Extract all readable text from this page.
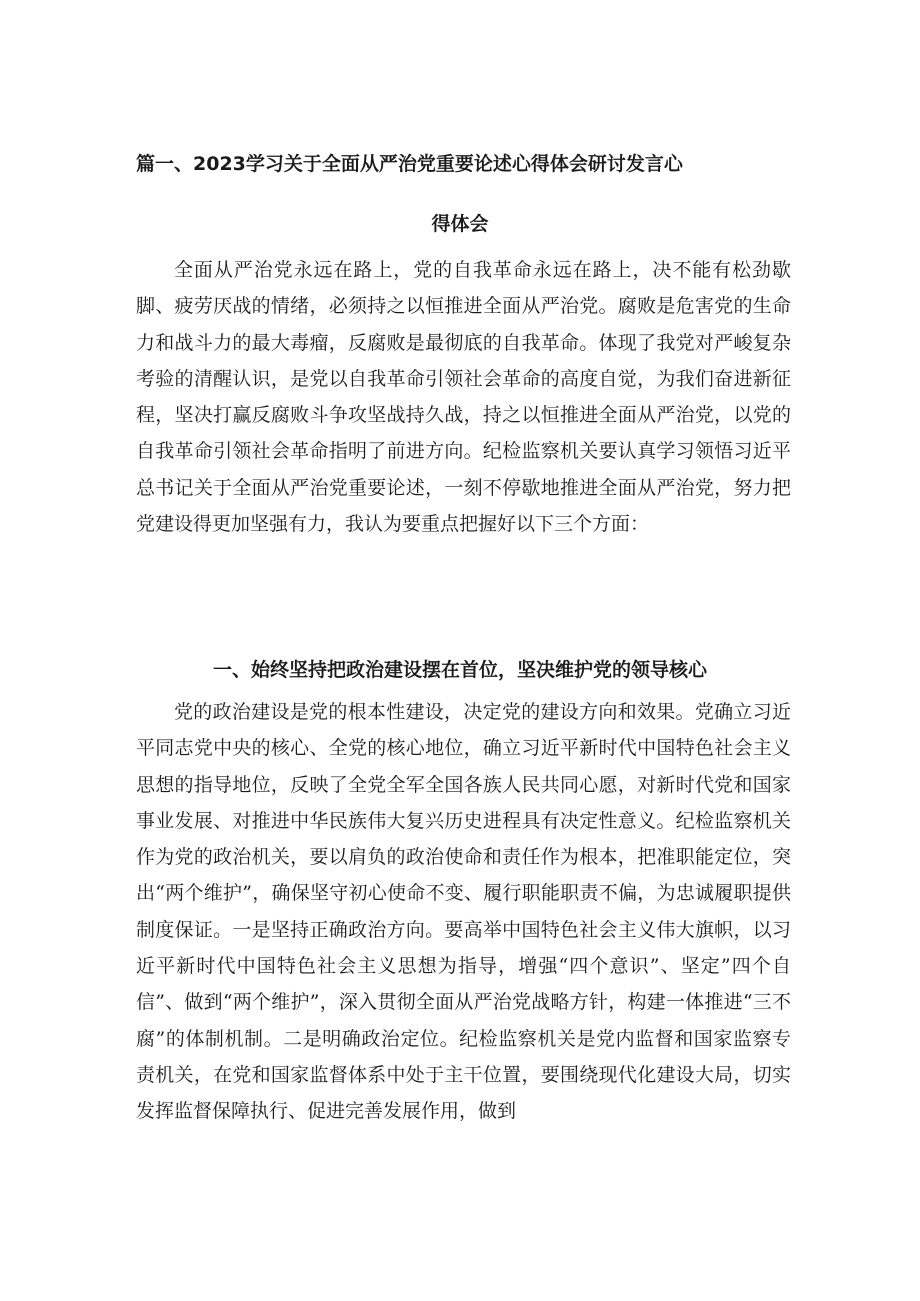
篇一、2023学习关于全面从严治党重要论述心得体会研讨发言心
得体会

全面从严治党永远在路上，党的自我革命永远在路上，决不能有松劲歇脚、疲劳厌战的情绪，必须持之以恒推进全面从严治党。腐败是危害党的生命力和战斗力的最大毒瘤，反腐败是最彻底的自我革命。体现了我党对严峻复杂考验的清醒认识，是党以自我革命引领社会革命的高度自觉，为我们奋进新征程，坚决打赢反腐败斗争攻坚战持久战，持之以恒推进全面从严治党，以党的自我革命引领社会革命指明了前进方向。纪检监察机关要认真学习领悟习近平总书记关于全面从严治党重要论述，一刻不停歇地推进全面从严治党，努力把党建设得更加坚强有力，我认为要重点把握好以下三个方面：

一、始终坚持把政治建设摆在首位，坚决维护党的领导核心

党的政治建设是党的根本性建设，决定党的建设方向和效果。党确立习近平同志党中央的核心、全党的核心地位，确立习近平新时代中国特色社会主义思想的指导地位，反映了全党全军全国各族人民共同心愿，对新时代党和国家事业发展、对推进中华民族伟大复兴历史进程具有决定性意义。纪检监察机关作为党的政治机关，要以肩负的政治使命和责任作为根本，把准职能定位，突出“两个维护”，确保坚守初心使命不变、履行职能职责不偏，为忠诚履职提供制度保证。一是坚持正确政治方向。要高举中国特色社会主义伟大旗帜，以习近平新时代中国特色社会主义思想为指导，增强“四个意识”、坚定”四个自信”、做到“两个维护”，深入贯彻全面从严治党战略方针，构建一体推进“三不腐”的体制机制。二是明确政治定位。纪检监察机关是党内监督和国家监察专责机关，在党和国家监督体系中处于主干位置，要围绕现代化建设大局，切实发挥监督保障执行、促进完善发展作用，做到
